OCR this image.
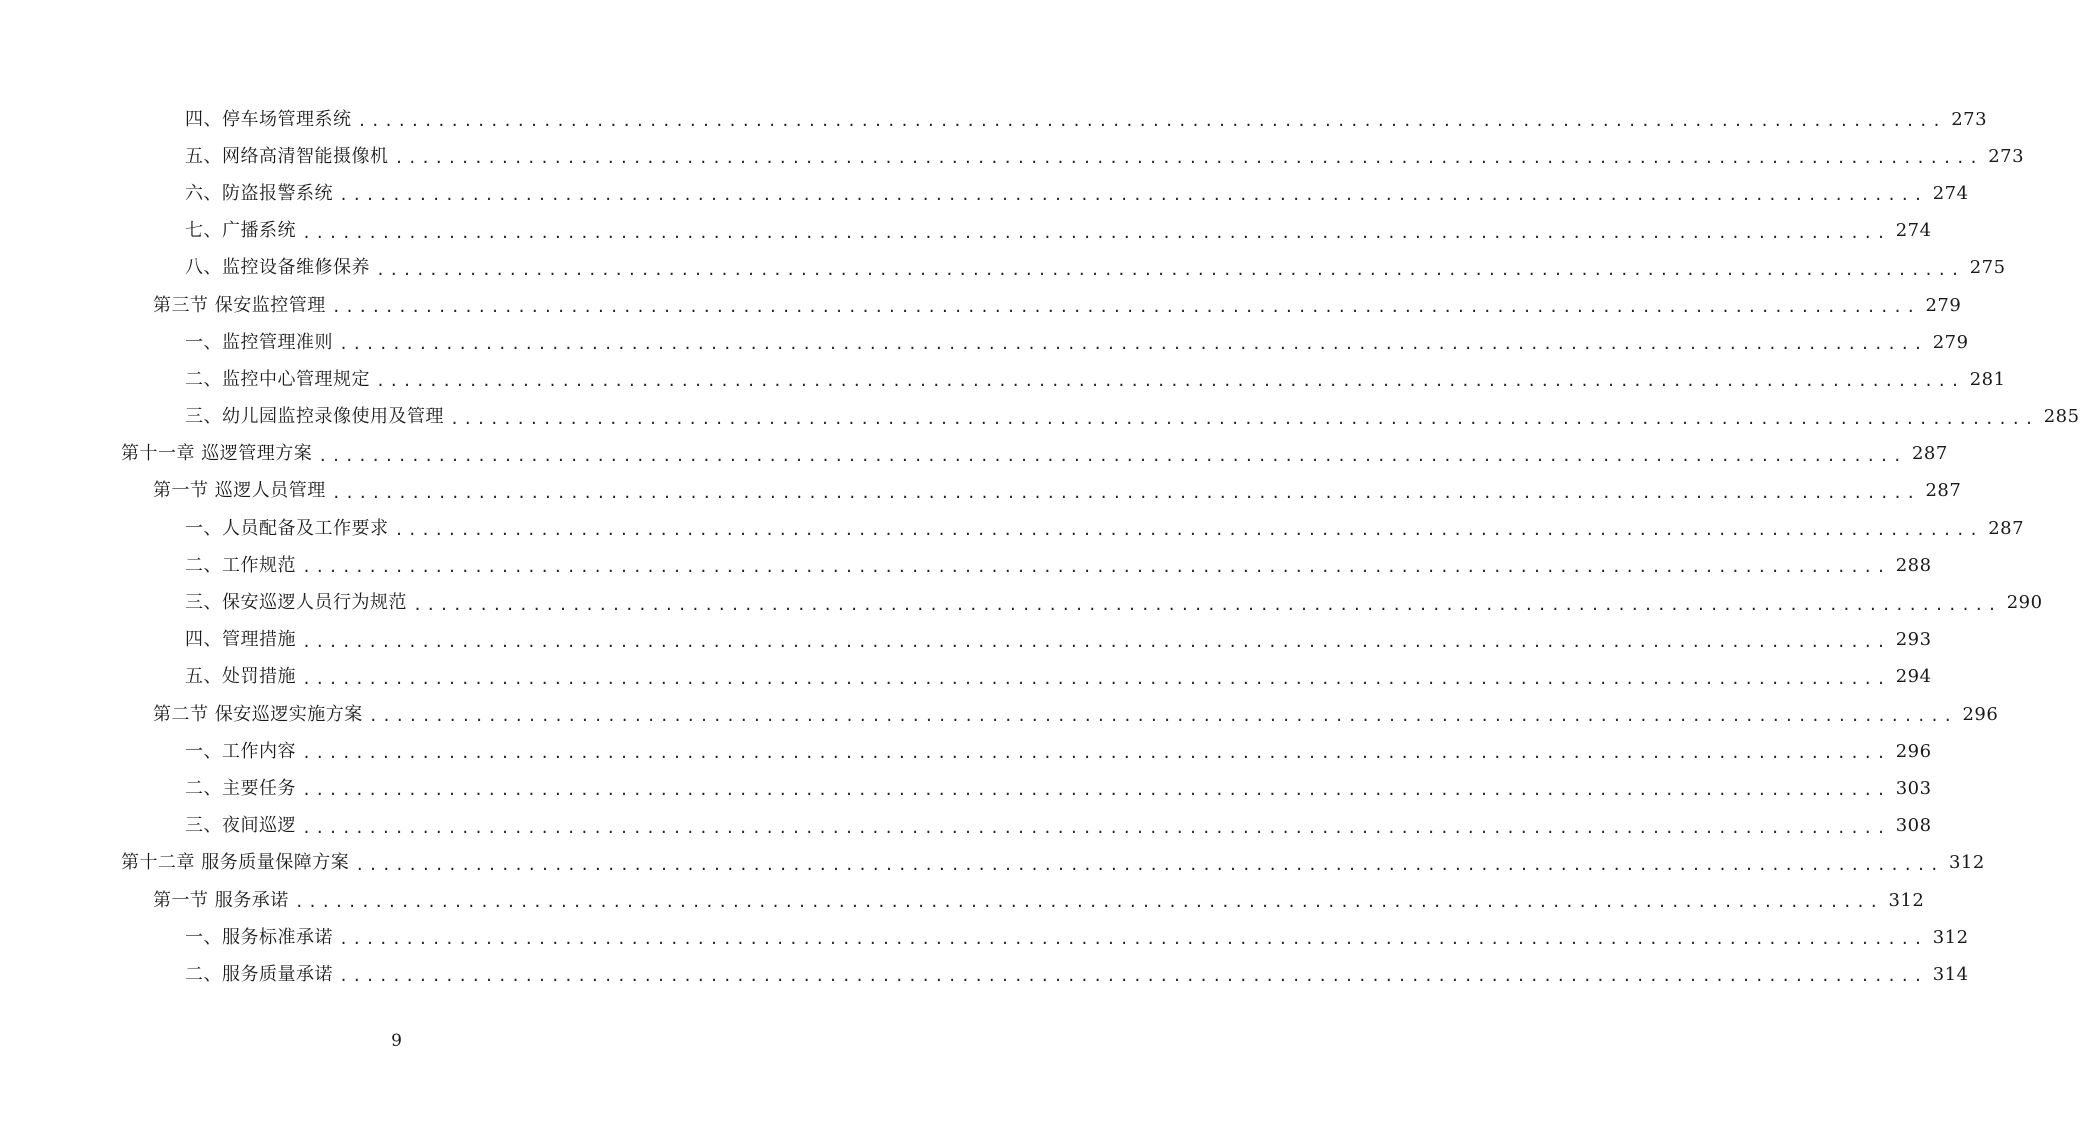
四、停车场管理系统 ........................................................................................................................ 273
五、网络高清智能摄像机 ........................................................................................................................ 273
六、防盗报警系统 ........................................................................................................................ 274
七、广播系统 ........................................................................................................................ 274
八、监控设备维修保养 ........................................................................................................................ 275
第三节 保安监控管理 ........................................................................................................................ 279
一、监控管理准则 ........................................................................................................................ 279
二、监控中心管理规定 ........................................................................................................................ 281
三、幼儿园监控录像使用及管理 ........................................................................................................................ 285
第十一章 巡逻管理方案 ........................................................................................................................ 287
第一节 巡逻人员管理 ........................................................................................................................ 287
一、人员配备及工作要求 ........................................................................................................................ 287
二、工作规范 ........................................................................................................................ 288
三、保安巡逻人员行为规范 ........................................................................................................................ 290
四、管理措施 ........................................................................................................................ 293
五、处罚措施 ........................................................................................................................ 294
第二节 保安巡逻实施方案 ........................................................................................................................ 296
一、工作内容 ........................................................................................................................ 296
二、主要任务 ........................................................................................................................ 303
三、夜间巡逻 ........................................................................................................................ 308
第十二章 服务质量保障方案 ........................................................................................................................ 312
第一节 服务承诺 ........................................................................................................................ 312
一、服务标准承诺 ........................................................................................................................ 312
二、服务质量承诺 ........................................................................................................................ 314
9
